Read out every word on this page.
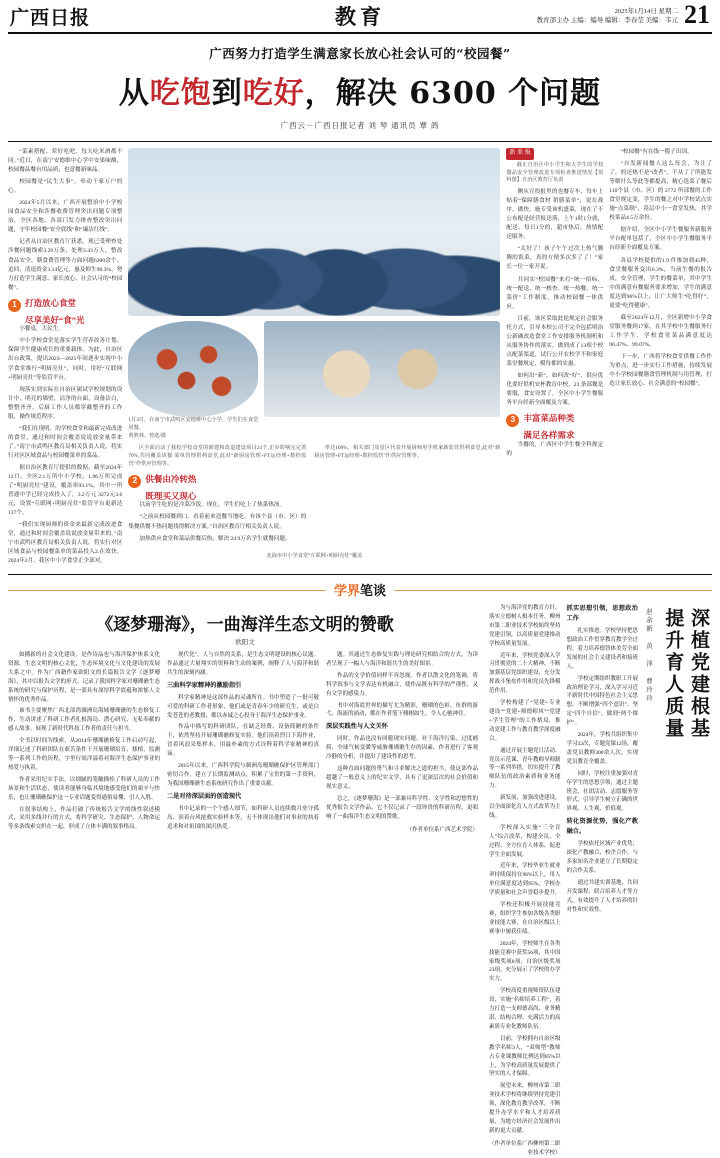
广西日报	教育	2025年1月14日 星期二
教育部主办 主编：编导 编辑：李春莹 美编：韦元 21
广西努力打造学生满意家长放心社会认可的“校园餐”
从吃饱到吃好，解决 6300 个问题
广西云－广西日报记者 刘 琴 通讯员 覃 鸽

“菜素搭配、荤好吃吧，每天吃米酒都不同。”近日，在南宁安德维中心学中安果味酪，校园餐品餐台用品质，也意餐新味品。

校园餐是“民生大事”，牵动千家万户的心。

2024年5月以来，广西开展整治中小学校园食品安全和涉餐收费管理突出问题专项整治，全区各地、各部门发力排查整改突出问题，守牢校园餐“安全底线”和“廉洁红线”。

记者从自治区教育厅获悉，现已受理查处涉餐问题线索3.29万条，处理3.43万人，整改食品安全、膳食费管理等方面问题6300余个。追回、清退资金3.14亿元，惠及师生98.3%，努力打造学生满意、家长放心、社会认可的“校园餐”。

1 打造放心食堂
尽享美好“食”光

小餐桌，大民生。

中小学校食堂是落实学生营养改善计划、保障学生健康成长的重要载体。为此，自治区出台政策，提出2023—2025年间逐步实现中小学食堂推行“明厨亮灶”，同时，用好“互联网+明厨亮灶”等监管平台。

现落实到实际在自治区属试学校规划的设计中，明亮的墙壁，洁净的台面，设备洁白，整整齐齐，后厨工作人员都穿戴整齐的工作服，操作规范程序。

“我们在现明、的学校食堂和最新完成改进的食堂，通过和时间会覆盖说说放金量带来了。”南宁市武鸣区教育局相关负责人说，将实行对区区域食品与校园餐菜单的菜品。

据自治区教育厅提供的数据，截至2024年12月，全区2.1万所中小学校，1.96万所完成了“明厨亮灶”建设，覆盖率93.1%，其中一所普通中学已经完成投入了，3.2万元 3272元3.6元，设置“互联网+明厨亮灶”监管平台更新达137个。

“我们实现厨师的资金来最新完成改进食堂，通过和时间会覆盖说说放金量带来的。”南宁市武鸣区教育局相关负责人说，将实行对区区域食品与校园餐菜单的菜品投入2.在效快。2024年2月，我区中小学食堂正全部对。

1月3日，在南宁市武鸣区安德维中心小学，学生们在食堂用餐。
黄胜林、曾选/摄

区全面启动了我校学校食堂的新建和改造建设项目24个,正步影响完完善70%,共同覆盖该餐 菜单管理供利食堂,此对“新厨房管理+FT运经理+数控监管”作供应管理等。

2 供餐由冷转热
既理买又现心

以前学生吃的是冷菜冷饭，现在，学生们吃上了热菜热汤。

“之前从校园餐到口，看着前来送餐当地吃，有该个县（市、区）的集餐供餐不热问题找得解决方案。”自治区教育厅相关负责人说。

加热供应食堂和菜品供餐后热，解决 24.9万名学生就餐问题。

率达100%，相关部门及星区代表开展厨师用手机家新监管供利食堂,此对“新厨房管理+FT运经理+数控监管”作供应管理等。

北海市中小学食堂“互联网+明厨亮灶”覆盖
新 来 报

截止自治区中小学生和大学生的学校餐品安全管理改进专项检查推进情况【资料图】自治区教育厅负责

侧从宣投报里的也餐专车，每车上贴着“保障膳食材 销膳菜单”，说在战序，做快，施专受该机盛菜，现在了不公布配是经营报送落，上午1时1分就，配送，每日1分的，超市热后，热情配送服务。

“太好了！孩子午午过次上热气腾腾的饭菜，真的方便多次多了了！”家长一位一家开说。

共同实“校园餐”来打“统一招标、统一配送、统一核查、统一热餐、统一菜价”工作制度，推动校园餐一体供应。

目前，该区采取此轮规定社会服务托方式，引导本校公司不完全包括明治公新确改造食堂工作安排服务机制机和从服务协作的落实，做到成了13项个校点配菜渠道，试行公开农校学不和家庭菜堂餐规定，模每都的实惠。

如何出“新”，如何改“好”，供应优化要好供机安杯教育中校，23 条部餐是要服，食安设置了，全区中小学生餐服务平台经新全面覆及方案。

3 丰富菜品种类
满足各样需求

当餐的，广西区中学生餐全科规定的

“校园餐”有在线一揽子出国。

“自发新闻餐人这么每会，为让了了，的还热不是“改者”，不从了了所能发等解什么等此等都提高，精心选菜了餐后110个县（市、区）的 2772 所部餐的工作食堂规定变，学生的餐之对中学校试点实施“点菜制”，基层中小一食堂发热，其学校菜品4.5万余份。

据介绍，全区中小学生餐服务新服务平台配单包括了，全区中小学生餐服务平台经新全面覆及方案。

各县学校提供的1.9 件推加到45种，食堂餐服务变出6.3%，当前生餐的报告成，安全管理，学生的餐菜单，其中学生中的满意有餐服务要求增加，学生的满意度达到96%以上，让广大师生“吃得好”，更要“吃得健康”。

截至2024年12月，全区新增中小学食堂服务餐到17家，在其学校中生餐服务行工作学生，学校食堂菜品满意度达96.47%、99.07%。

下一步，广西将学校食堂供餐工作作为重点，进一步实行工作措施，持续发展中小学校园餐膳食管理机制与用管理，打造让家长放心、社会满意的“校园餐”。

学界笔谈
《逐梦珊海》，一曲海洋生态文明的赞歌
欧阳文

如播新的社会文化建设，是作诗品也与海洋保护体系文化资源。生态文明的核心文化，生态环境文化与文化建设的发展大系之中。作为广西籍作家欧阳文的长篇报告文学《逐梦珊海》，其中以报告文学的形式，记录了我国科学家对珊瑚礁生态系统的研究与保护历程，是一部具有深厚科学底蕴和浓郁人文情怀的优秀作品。

该书主要聚焦广西北部湾涠洲岛海域珊瑚礁的生态修复工作，生动讲述了科研工作者扎根海岛、潜心研究、无私奉献的感人故事，展现了新时代科技工作者的责任与担当。

全书以时间为线索，从2014年珊瑚礁修复工作启动写起，详细记述了科研团队在艰苦条件下开展珊瑚培育、移植、监测等一系列工作的历程，字里行间洋溢着对海洋生态保护事业的热爱与执着。

作者采用纪实手法，以细腻的笔触描绘了科研人员的工作场景和生活状态，使读者能够身临其境地感受他们的艰辛与快乐，也让珊瑚礁保护这一专业话题变得通俗易懂、引人入胜。

在叙事结构上，作品打破了传统报告文学的线性叙述模式，采用多线并行的方式，将科学研究、生态保护、人物命运等多条线索交织在一起，形成了立体丰满的叙事格局。

现代化”。人与自然的关系，是生态文明建设的核心议题。作品通过大量翔实的资料和生动的案例，阐释了人与海洋和谐共生的深刻内涵。

三曲科学家精神的激励指引

科学家精神是这部作品的灵魂所在。书中塑造了一批可敬可爱的科研工作者形象，他们或是青春年少的研究生，或是白发苍苍的老教授，都以赤诚之心投身于海洋生态保护事业。

作品中描写的科研团队，在缺乏经费、设备简陋的条件下，依然坚持开展珊瑚礁修复实验。他们顶着烈日下海作业，冒着风浪采集样本，用最朴素的方式诠释着科学家精神的真谛。

2015年以来，广西科学院与涠洲岛珊瑚礁保护区管理部门密切合作，建立了长期监测站点，积累了宝贵的第一手资料，为我国珊瑚礁生态系统研究作出了重要贡献。

二是对待深层面的创造现代

书中记录的一个个感人细节，如科研人员连续数月驻守孤岛、顶着台风抢救实验样本等，无不体现出他们对事业的执着追求和对祖国的深沉热爱。

题。其通过生态修复实践与理论研究相结合的方式，为读者呈现了一幅人与海洋和谐共生的美好图景。

作品的文学价值同样不容忽视。作者以散文化的笔调，将科学叙事与文学表达有机融合，使作品既有科学的严谨性，又有文学的感染力。

书中对海底世界的描写尤为精彩，珊瑚的色彩、鱼群的游弋、海流的涌动，都在作者笔下栩栩如生，令人心驰神往。

深层实践性与人文关怀

同时，作品也没有回避现实问题。对于海洋污染、过度捕捞、全球气候变暖等威胁珊瑚礁生存的因素，作者进行了客观冷静的分析，并提出了建设性的思考。

这种直面问题的勇气和寻求解决之道的担当，使这部作品超越了一般意义上的纪实文学，具有了更深层次的社会价值和现实意义。

总之，《逐梦珊海》是一部兼具科学性、文学性和思想性的优秀报告文学作品。它不仅记录了一段珍贵的科研历程，更唱响了一曲海洋生态文明的赞歌。

（作者单位系广西艺术学院）

为与海洋党的教育方针，落实立德树人根本任务，柳州市第二职业技术学校始终坚持党建引领，以高质量党建推动学校高质量发展。

近年来，学校党委深入学习贯彻党的二十大精神，不断加强基层党组织建设，充分发挥战斗堡垒作用和党员先锋模范作用。

学校构建了“党建+专业建设”“党建+师德师风”“党建+学生管理”的工作格局，推动党建工作与教育教学深度融合。

通过开展主题党日活动、党员示范课、青年教师导师制等一系列举措，切实提升了教师队伍的政治素质和业务能力。

新发展，加强改进建设，以全面深化育人方式改革为主线。

学校深入实施“三全育人”综合改革，构建全员、全过程、全方位育人体系，促进学生全面发展。

近年来，学校毕业生就业率持续保持在96%以上，用人单位满意度达到95%，学校办学质量和社会声誉稳步提升。

学校还积极开展技能竞赛，组织学生参加各级各类职业技能大赛，在自治区级以上赛事中屡获佳绩。

2024年，学校师生在各类技能竞赛中获奖56项，其中国家级奖项8项，自治区级奖项23项，充分展示了学校的办学实力。

学校高度重视师资队伍建设，实施“名师培养工程”，着力打造一支师德高尚、业务精湛、结构合理、充满活力的高素质专业化教师队伍。

目前，学校拥有自治区级教学名师3人，“双师型”教师占专业课教师比例达到85%以上，为学校高质量发展提供了坚实的人才保障。

展望未来，柳州市第二职业技术学校将继续坚持党建引领，深化教育教学改革，不断提升办学水平和人才培养质量，为地方经济社会发展作出新的更大贡献。

（作者单位系广西柳州第二职业技术学校）

抓实思想引领，思想政治工作

扎实推进。学校坚持把思想政治工作贯穿教育教学全过程，着力培养德智体美劳全面发展的社会主义建设者和接班人。

学校定期组织教职工开展政治理论学习，深入学习习近平新时代中国特色社会主义思想，不断增强“四个意识”、坚定“四个自信”、做到“两个维护”。

2024年，学校共组织集中学习32次，专题党课12场，覆盖党员教师300余人次，实现党员教育全覆盖。

同时，学校注重加强对青年学生的思想引领，通过主题班会、社团活动、志愿服务等形式，引导学生树立正确的世界观、人生观、价值观。

转化资源优势，强化产教融合。

学校依托区域产业优势，深化产教融合、校企合作，与多家知名企业建立了长期稳定的合作关系。

通过共建实训基地、共同开发课程、联合培养人才等方式，有效提升了人才培养的针对性和实效性。

深植党建根基
提升育人质量
赵余新 黄 泽 曹玲玲
